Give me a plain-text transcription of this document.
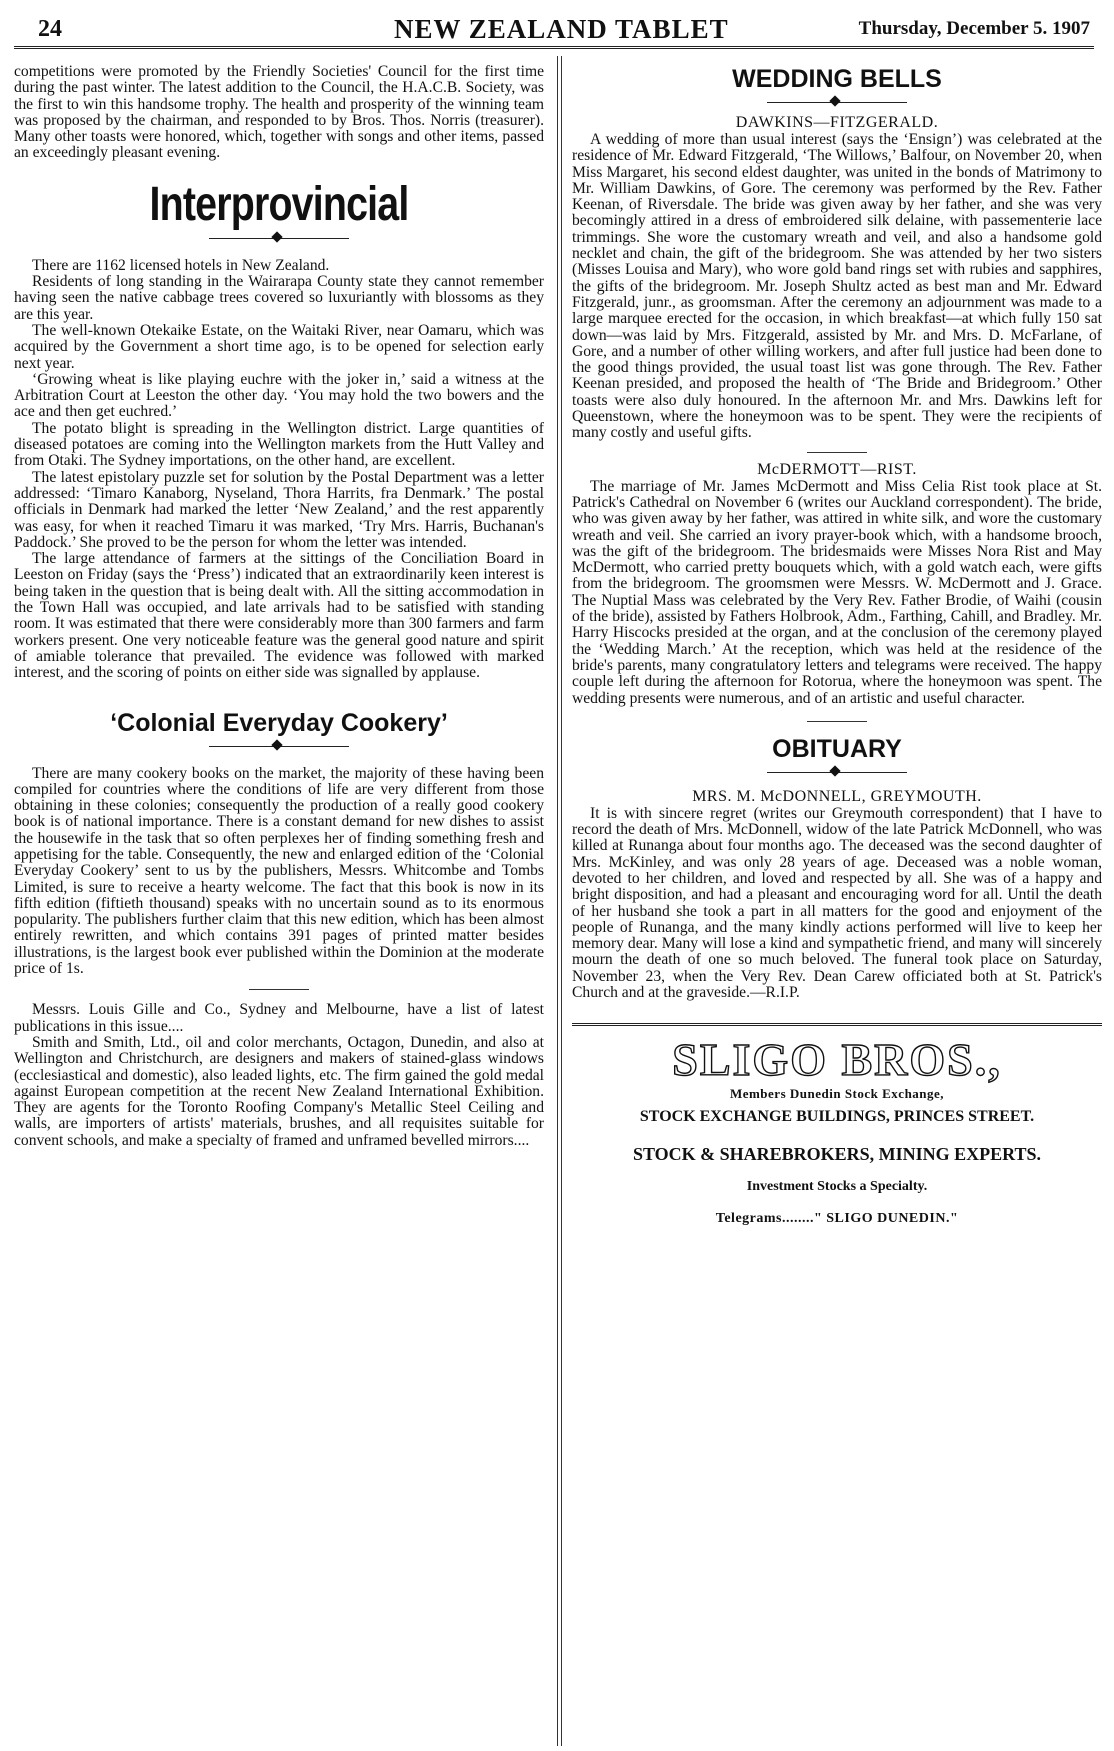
24	NEW ZEALAND TABLET	Thursday, December 5. 1907

competitions were promoted by the Friendly Societies' Council for the first time during the past winter. The latest addition to the Council, the H.A.C.B. Society, was the first to win this handsome trophy. The health and prosperity of the winning team was proposed by the chairman, and responded to by Bros. Thos. Norris (treasurer). Many other toasts were honored, which, together with songs and other items, passed an exceedingly pleasant evening.

Interprovincial

There are 1162 licensed hotels in New Zealand.

Residents of long standing in the Wairarapa County state they cannot remember having seen the native cabbage trees covered so luxuriantly with blossoms as they are this year.

The well-known Otekaike Estate, on the Waitaki River, near Oamaru, which was acquired by the Government a short time ago, is to be opened for selection early next year.

‘Growing wheat is like playing euchre with the joker in,’ said a witness at the Arbitration Court at Leeston the other day. ‘You may hold the two bowers and the ace and then get euchred.’

The potato blight is spreading in the Wellington district. Large quantities of diseased potatoes are coming into the Wellington markets from the Hutt Valley and from Otaki. The Sydney importations, on the other hand, are excellent.

The latest epistolary puzzle set for solution by the Postal Department was a letter addressed: ‘Timaro Kanaborg, Nyseland, Thora Harrits, fra Denmark.’ The postal officials in Denmark had marked the letter ‘New Zealand,’ and the rest apparently was easy, for when it reached Timaru it was marked, ‘Try Mrs. Harris, Buchanan's Paddock.’ She proved to be the person for whom the letter was intended.

The large attendance of farmers at the sittings of the Conciliation Board in Leeston on Friday (says the ‘Press’) indicated that an extraordinarily keen interest is being taken in the question that is being dealt with. All the sitting accommodation in the Town Hall was occupied, and late arrivals had to be satisfied with standing room. It was estimated that there were considerably more than 300 farmers and farm workers present. One very noticeable feature was the general good nature and spirit of amiable tolerance that prevailed. The evidence was followed with marked interest, and the scoring of points on either side was signalled by applause.

‘Colonial Everyday Cookery’

There are many cookery books on the market, the majority of these having been compiled for countries where the conditions of life are very different from those obtaining in these colonies; consequently the production of a really good cookery book is of national importance. There is a constant demand for new dishes to assist the housewife in the task that so often perplexes her of finding something fresh and appetising for the table. Consequently, the new and enlarged edition of the ‘Colonial Everyday Cookery’ sent to us by the publishers, Messrs. Whitcombe and Tombs Limited, is sure to receive a hearty welcome. The fact that this book is now in its fifth edition (fiftieth thousand) speaks with no uncertain sound as to its enormous popularity. The publishers further claim that this new edition, which has been almost entirely rewritten, and which contains 391 pages of printed matter besides illustrations, is the largest book ever published within the Dominion at the moderate price of 1s.

Messrs. Louis Gille and Co., Sydney and Melbourne, have a list of latest publications in this issue....

Smith and Smith, Ltd., oil and color merchants, Octagon, Dunedin, and also at Wellington and Christchurch, are designers and makers of stained-glass windows (ecclesiastical and domestic), also leaded lights, etc. The firm gained the gold medal against European competition at the recent New Zealand International Exhibition. They are agents for the Toronto Roofing Company's Metallic Steel Ceiling and walls, are importers of artists' materials, brushes, and all requisites suitable for convent schools, and make a specialty of framed and unframed bevelled mirrors....

WEDDING BELLS
DAWKINS—FITZGERALD.

A wedding of more than usual interest (says the ‘Ensign’) was celebrated at the residence of Mr. Edward Fitzgerald, ‘The Willows,’ Balfour, on November 20, when Miss Margaret, his second eldest daughter, was united in the bonds of Matrimony to Mr. William Dawkins, of Gore. The ceremony was performed by the Rev. Father Keenan, of Riversdale. The bride was given away by her father, and she was very becomingly attired in a dress of embroidered silk delaine, with passementerie lace trimmings. She wore the customary wreath and veil, and also a handsome gold necklet and chain, the gift of the bridegroom. She was attended by her two sisters (Misses Louisa and Mary), who wore gold band rings set with rubies and sapphires, the gifts of the bridegroom. Mr. Joseph Shultz acted as best man and Mr. Edward Fitzgerald, junr., as groomsman. After the ceremony an adjournment was made to a large marquee erected for the occasion, in which breakfast—at which fully 150 sat down—was laid by Mrs. Fitzgerald, assisted by Mr. and Mrs. D. McFarlane, of Gore, and a number of other willing workers, and after full justice had been done to the good things provided, the usual toast list was gone through. The Rev. Father Keenan presided, and proposed the health of ‘The Bride and Bridegroom.’ Other toasts were also duly honoured. In the afternoon Mr. and Mrs. Dawkins left for Queenstown, where the honeymoon was to be spent. They were the recipients of many costly and useful gifts.

McDERMOTT—RIST.

The marriage of Mr. James McDermott and Miss Celia Rist took place at St. Patrick's Cathedral on November 6 (writes our Auckland correspondent). The bride, who was given away by her father, was attired in white silk, and wore the customary wreath and veil. She carried an ivory prayer-book which, with a handsome brooch, was the gift of the bridegroom. The bridesmaids were Misses Nora Rist and May McDermott, who carried pretty bouquets which, with a gold watch each, were gifts from the bridegroom. The groomsmen were Messrs. W. McDermott and J. Grace. The Nuptial Mass was celebrated by the Very Rev. Father Brodie, of Waihi (cousin of the bride), assisted by Fathers Holbrook, Adm., Farthing, Cahill, and Bradley. Mr. Harry Hiscocks presided at the organ, and at the conclusion of the ceremony played the ‘Wedding March.’ At the reception, which was held at the residence of the bride's parents, many congratulatory letters and telegrams were received. The happy couple left during the afternoon for Rotorua, where the honeymoon was spent. The wedding presents were numerous, and of an artistic and useful character.

OBITUARY
MRS. M. McDONNELL, GREYMOUTH.

It is with sincere regret (writes our Greymouth correspondent) that I have to record the death of Mrs. McDonnell, widow of the late Patrick McDonnell, who was killed at Runanga about four months ago. The deceased was the second daughter of Mrs. McKinley, and was only 28 years of age. Deceased was a noble woman, devoted to her children, and loved and respected by all. She was of a happy and bright disposition, and had a pleasant and encouraging word for all. Until the death of her husband she took a part in all matters for the good and enjoyment of the people of Runanga, and the many kindly actions performed will live to keep her memory dear. Many will lose a kind and sympathetic friend, and many will sincerely mourn the death of one so much beloved. The funeral took place on Saturday, November 23, when the Very Rev. Dean Carew officiated both at St. Patrick's Church and at the graveside.—R.I.P.

SLIGO BROS.,
Members Dunedin Stock Exchange,
STOCK EXCHANGE BUILDINGS, PRINCES STREET.
STOCK & SHAREBROKERS, MINING EXPERTS.
Investment Stocks a Specialty.
Telegrams........" SLIGO DUNEDIN."
